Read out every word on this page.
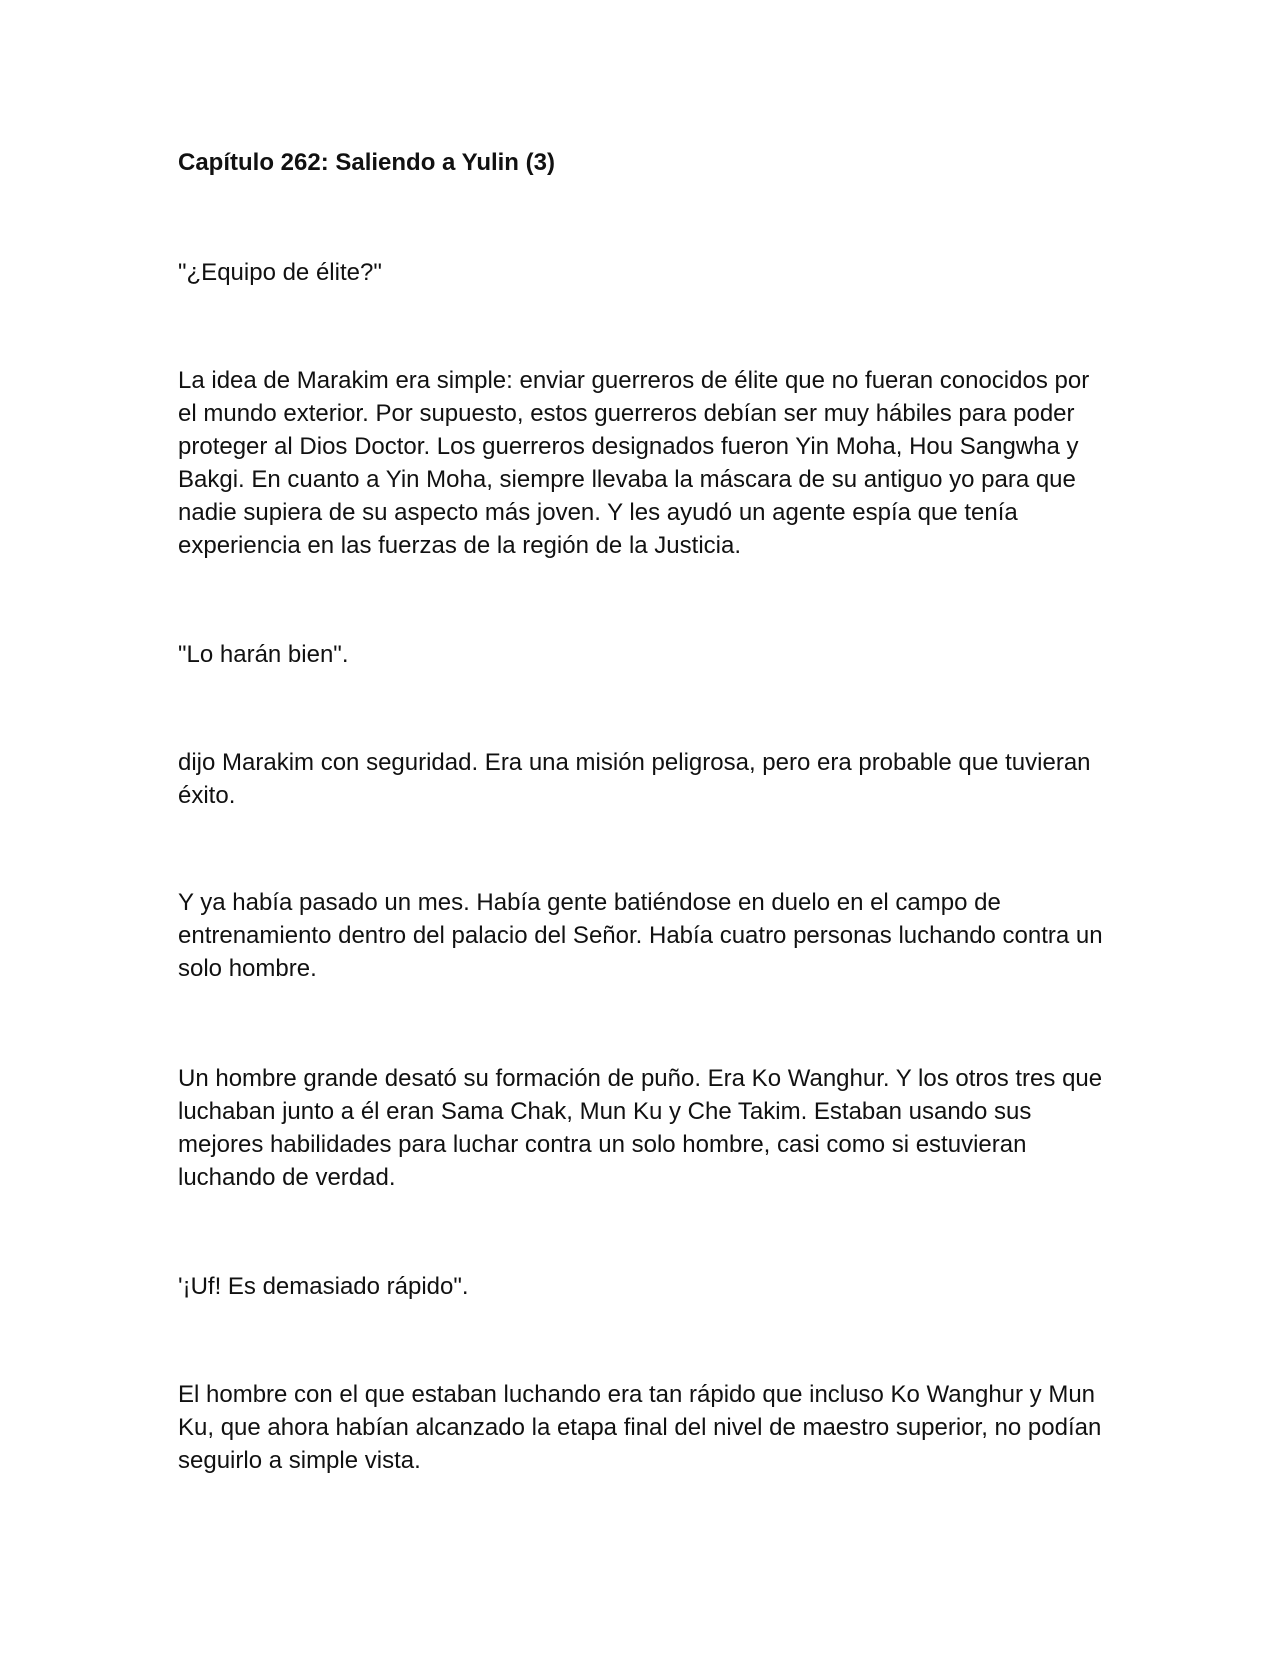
Capítulo 262: Saliendo a Yulin (3)

"¿Equipo de élite?"

La idea de Marakim era simple: enviar guerreros de élite que no fueran conocidos por el mundo exterior. Por supuesto, estos guerreros debían ser muy hábiles para poder proteger al Dios Doctor. Los guerreros designados fueron Yin Moha, Hou Sangwha y Bakgi. En cuanto a Yin Moha, siempre llevaba la máscara de su antiguo yo para que nadie supiera de su aspecto más joven. Y les ayudó un agente espía que tenía experiencia en las fuerzas de la región de la Justicia.

"Lo harán bien".

dijo Marakim con seguridad. Era una misión peligrosa, pero era probable que tuvieran éxito.

Y ya había pasado un mes. Había gente batiéndose en duelo en el campo de entrenamiento dentro del palacio del Señor. Había cuatro personas luchando contra un solo hombre.

Un hombre grande desató su formación de puño. Era Ko Wanghur. Y los otros tres que luchaban junto a él eran Sama Chak, Mun Ku y Che Takim. Estaban usando sus mejores habilidades para luchar contra un solo hombre, casi como si estuvieran luchando de verdad.

'¡Uf! Es demasiado rápido".

El hombre con el que estaban luchando era tan rápido que incluso Ko Wanghur y Mun Ku, que ahora habían alcanzado la etapa final del nivel de maestro superior, no podían seguirlo a simple vista.
